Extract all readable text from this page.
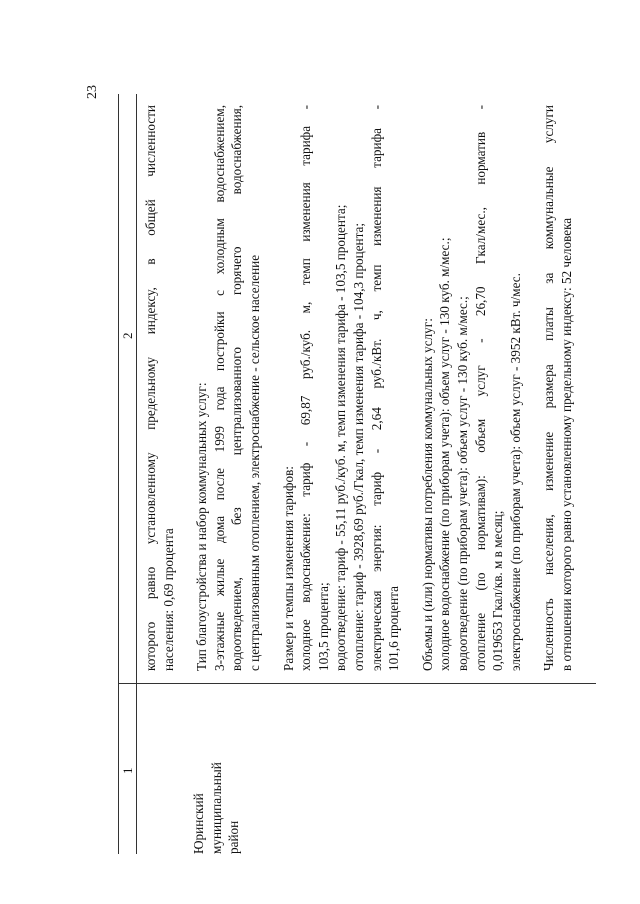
23
1
2
Юринский муниципальный район
которого равно установленному предельному индексу, в общей численности населения: 0,69 процента Тип благоустройства и набор коммунальных услуг: 3-этажные жилые дома после 1999 года постройки с холодным водоснабжением, водоотведением, без централизованного горячего водоснабжения, с централизованным отоплением, электроснабжение - сельское население Размер и темпы изменения тарифов: холодное водоснабжение: тариф - 69,87 руб./куб. м, темп изменения тарифа - 103,5 процента; водоотведение: тариф - 55,11 руб./куб. м, темп изменения тарифа - 103,5 процента; отопление: тариф - 3928,69 руб./Гкал, темп изменения тарифа - 104,3 процента; электрическая энергия: тариф - 2,64 руб./кВт. ч, темп изменения тарифа - 101,6 процента Объемы и (или) нормативы потребления коммунальных услуг: холодное водоснабжение (по приборам учета): объем услуг - 130 куб. м/мес.; водоотведение (по приборам учета): объем услуг - 130 куб. м/мес.; отопление (по нормативам): объем услуг - 26,70 Гкал/мес., норматив - 0,019653 Гкал/кв. м в месяц; электроснабжение (по приборам учета): объем услуг - 3952 кВт. ч/мес. Численность населения, изменение размера платы за коммунальные услуги в отношении которого равно установленному предельному индексу: 52 человека
